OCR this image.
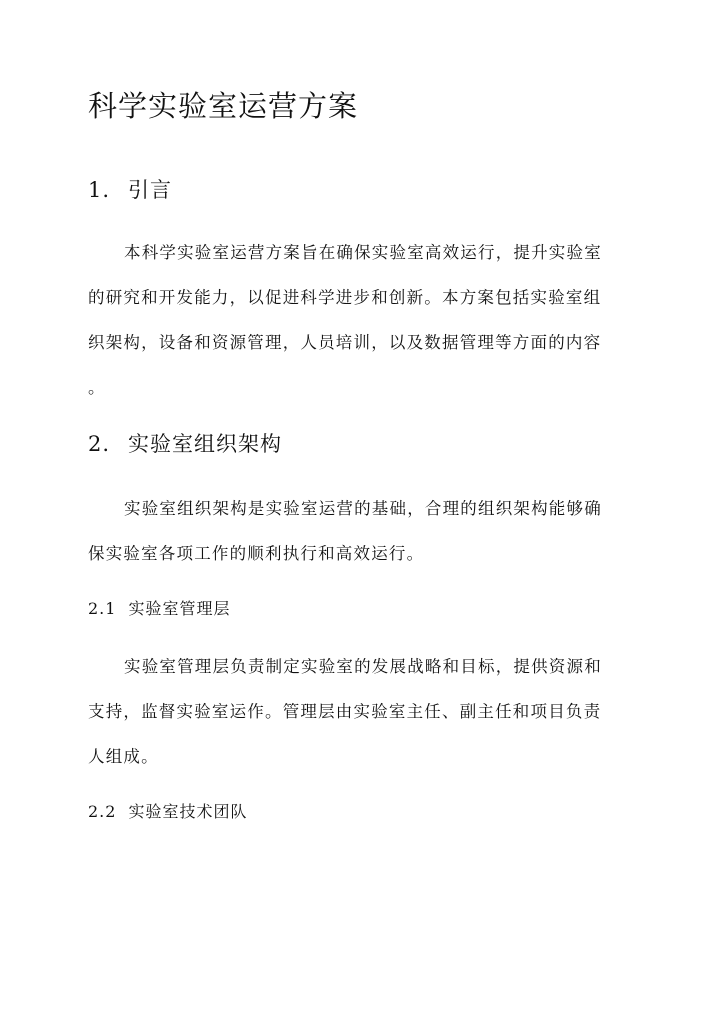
科学实验室运营方案
1. 引言
本科学实验室运营方案旨在确保实验室高效运行，提升实验室
的研究和开发能力，以促进科学进步和创新。本方案包括实验室组
织架构，设备和资源管理，人员培训，以及数据管理等方面的内容
。
2. 实验室组织架构
实验室组织架构是实验室运营的基础，合理的组织架构能够确
保实验室各项工作的顺利执行和高效运行。
2.1 实验室管理层
实验室管理层负责制定实验室的发展战略和目标，提供资源和
支持，监督实验室运作。管理层由实验室主任、副主任和项目负责
人组成。
2.2 实验室技术团队
